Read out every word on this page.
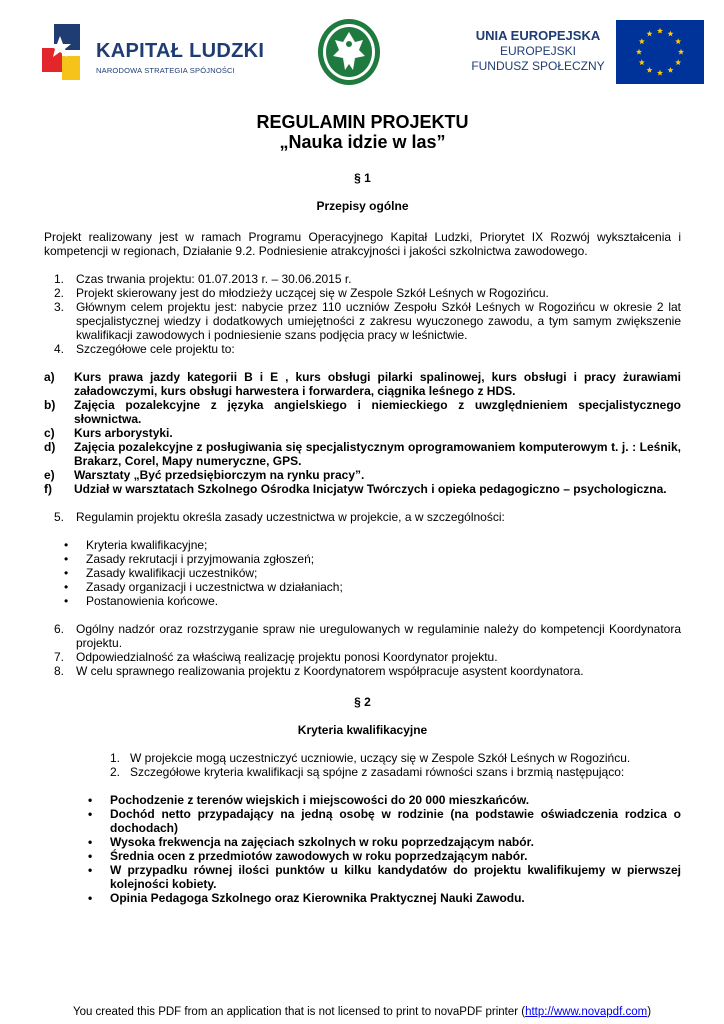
KAPITAŁ LUDZKI
NARODOWA STRATEGIA SPÓJNOŚCI
UNIA EUROPEJSKA
EUROPEJSKI
FUNDUSZ SPOŁECZNY
REGULAMIN PROJEKTU
„Nauka idzie w las”
§ 1
Przepisy ogólne

Projekt realizowany jest w ramach Programu Operacyjnego Kapitał Ludzki, Priorytet IX Rozwój wykształcenia i kompetencji w regionach, Działanie 9.2. Podniesienie atrakcyjności i jakości szkolnictwa zawodowego.

1. Czas trwania projektu: 01.07.2013 r. – 30.06.2015 r.
2. Projekt skierowany jest do młodzieży uczącej się w Zespole Szkół Leśnych w Rogozińcu.
3. Głównym celem projektu jest: nabycie przez 110 uczniów Zespołu Szkół Leśnych w Rogozińcu w okresie 2 lat specjalistycznej wiedzy i dodatkowych umiejętności z zakresu wyuczonego zawodu, a tym samym zwiększenie kwalifikacji zawodowych i podniesienie szans podjęcia pracy w leśnictwie.
4. Szczegółowe cele projektu to:
a)	Kurs prawa jazdy kategorii B i E , kurs obsługi pilarki spalinowej, kurs obsługi i pracy żurawiami załadowczymi, kurs obsługi harwestera i forwardera, ciągnika leśnego z HDS.
b)	Zajęcia pozalekcyjne z języka angielskiego i niemieckiego z uwzględnieniem specjalistycznego słownictwa.
c)	Kurs arborystyki.
d)	Zajęcia pozalekcyjne z posługiwania się specjalistycznym oprogramowaniem komputerowym t. j. : Leśnik, Brakarz, Corel, Mapy numeryczne, GPS.
e)	Warsztaty „Być przedsiębiorczym na rynku pracy”.
f)	Udział w warsztatach Szkolnego Ośrodka Inicjatyw Twórczych i opieka pedagogiczno – psychologiczna.
5. Regulamin projektu określa zasady uczestnictwa w projekcie, a w szczególności:
•	Kryteria kwalifikacyjne;
•	Zasady rekrutacji i przyjmowania zgłoszeń;
•	Zasady kwalifikacji uczestników;
•	Zasady organizacji i uczestnictwa w działaniach;
•	Postanowienia końcowe.
6. Ogólny nadzór oraz rozstrzyganie spraw nie uregulowanych w regulaminie należy do kompetencji Koordynatora projektu.
7. Odpowiedzialność za właściwą realizację projektu ponosi Koordynator projektu.
8. W celu sprawnego realizowania projektu z Koordynatorem współpracuje asystent koordynatora.
§ 2
Kryteria kwalifikacyjne
1. W projekcie mogą uczestniczyć uczniowie, uczący się w Zespole Szkół Leśnych w Rogozińcu.
2. Szczegółowe kryteria kwalifikacji są spójne z zasadami równości szans i brzmią następująco:
•	Pochodzenie z terenów wiejskich i miejscowości do 20 000 mieszkańców.
•	Dochód netto przypadający na jedną osobę w rodzinie (na podstawie oświadczenia rodzica o dochodach)
•	Wysoka frekwencja na zajęciach szkolnych w roku poprzedzającym nabór.
•	Średnia ocen z przedmiotów zawodowych w roku poprzedzającym nabór.
•	W przypadku równej ilości punktów u kilku kandydatów do projektu kwalifikujemy w pierwszej kolejności kobiety.
•	Opinia Pedagoga Szkolnego oraz Kierownika Praktycznej Nauki Zawodu.
You created this PDF from an application that is not licensed to print to novaPDF printer (http://www.novapdf.com)
